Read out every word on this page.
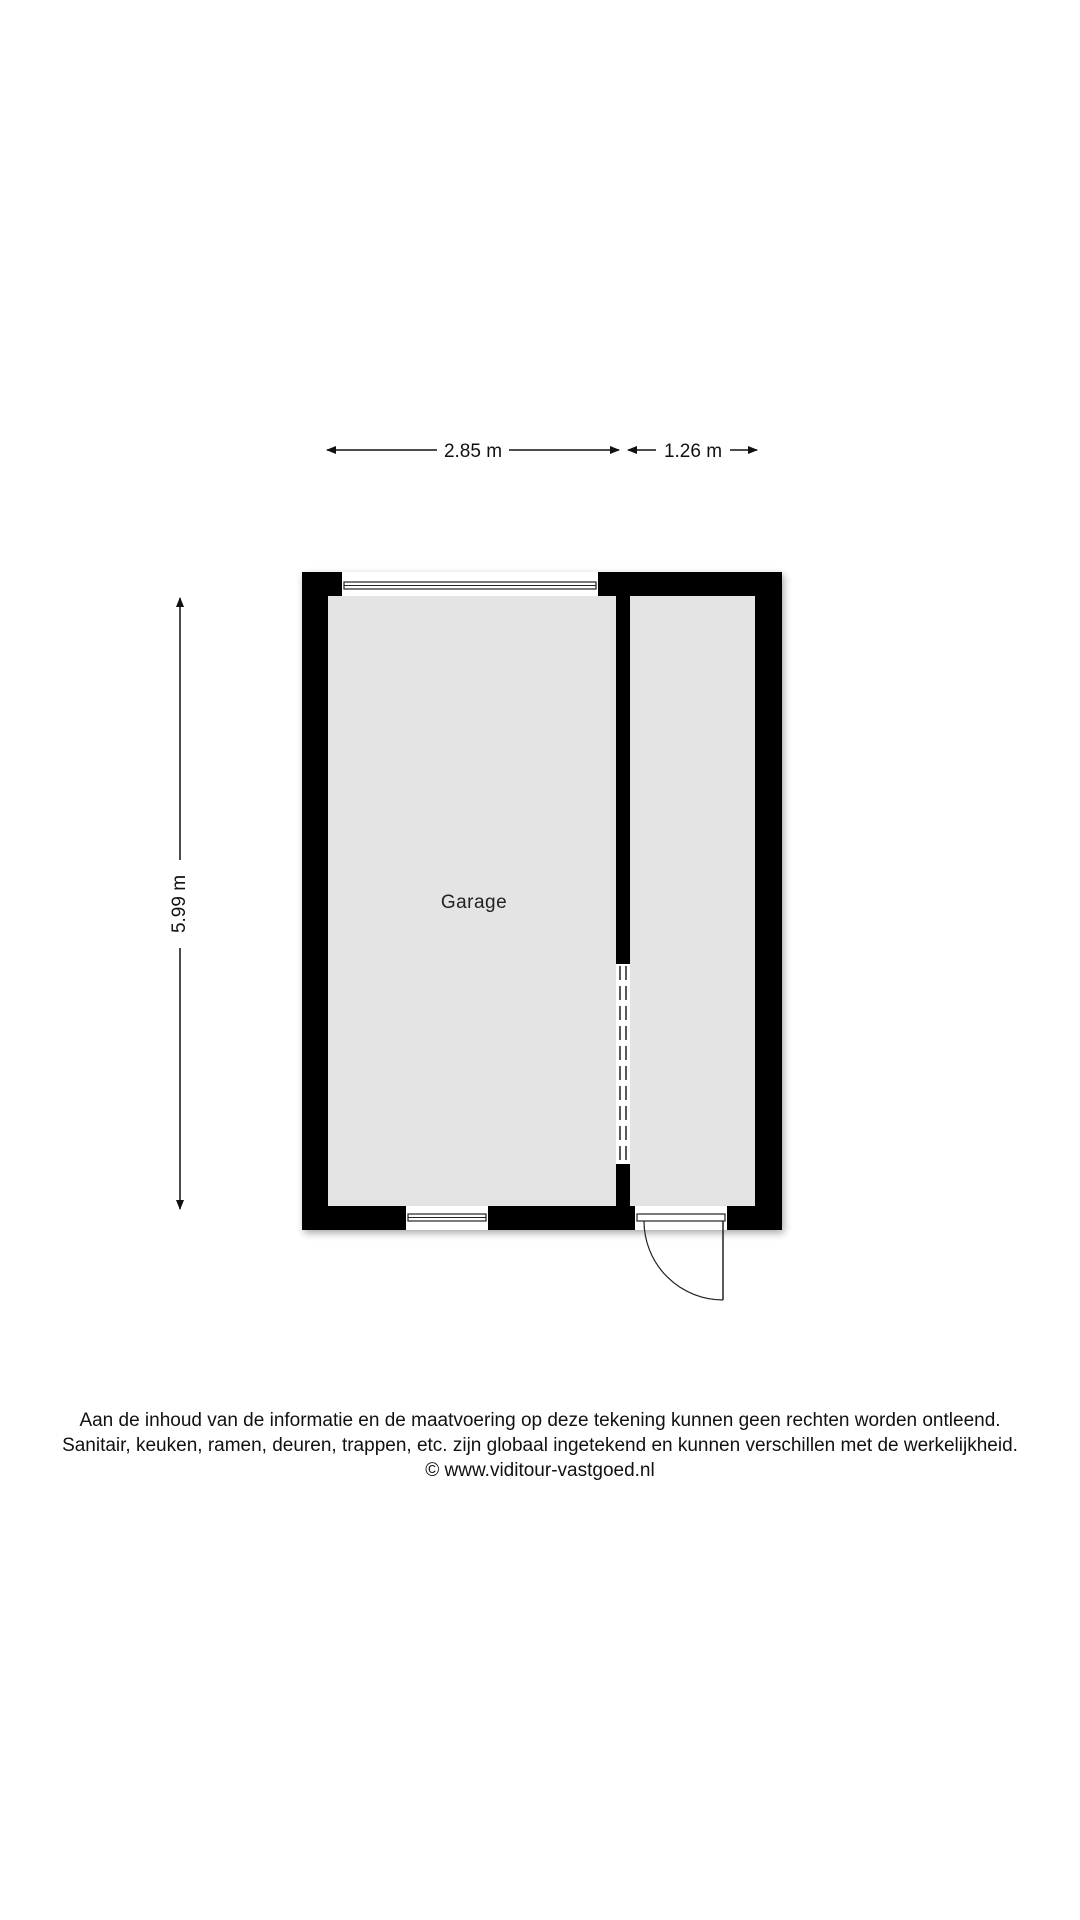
2.85 m	1.26 m
5.99 m	Garage
Aan de inhoud van de informatie en de maatvoering op deze tekening kunnen geen rechten worden ontleend.
Sanitair, keuken, ramen, deuren, trappen, etc. zijn globaal ingetekend en kunnen verschillen met de werkelijkheid.
© www.viditour-vastgoed.nl
